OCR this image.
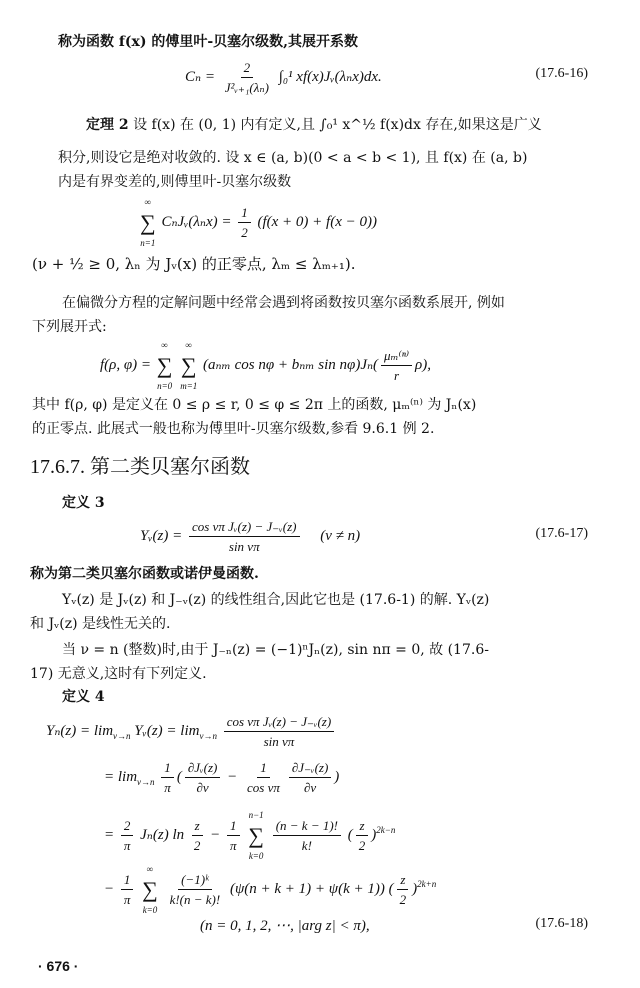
称为函数 f(x) 的傅里叶-贝塞尔级数,其展开系数
$C_n = \frac{2}{\text{J²ᵥ₊₁(λₙ)}} \int_0^1$ xf(x)Jᵥ(λₙx)dx.	(17.6-16)
定理 2 设 f(x) 在 (0, 1) 内有定义,且 ∫₀¹ x^½ f(x)dx 存在,如果这是广义
积分,则设它是绝对收敛的. 设 x ∈ (a, b)(0 < a < b < 1), 且 f(x) 在 (a, b)
内是有界变差的,则傅里叶-贝塞尔级数
∞
∑
n=1
CₙJᵥ(λₙx) = $\frac{1}{2} (f(x + 0) + f(x - 0))$
(ν + ½ ≥ 0, λₙ 为 Jᵥ(x) 的正零点, λₘ ≤ λₘ₊₁).
在偏微分方程的定解问题中经常会遇到将函数按贝塞尔函数系展开, 例如
下列展开式:
f(ρ, φ) =
∞
∑
n=0

∞
∑
m=1
(aₙₘ cos nφ + bₙₘ $\sin n\varphi)J_n( \frac{\text{μₘ⁽ⁿ⁾}}{r} \rho)$,
其中 f(ρ, φ) 是定义在 0 ≤ ρ ≤ r, 0 ≤ φ ≤ 2π 上的函数, μₘ⁽ⁿ⁾ 为 Jₙ(x)
的正零点. 此展式一般也称为傅里叶-贝塞尔级数,参看 9.6.1 例 2.
17.6.7. 第二类贝塞尔函数
定义 3
Yᵥ(z) = $\frac{\text{cos νπ Jᵥ(z) − J₋ᵥ(z)}}{\text{sin νπ}} (\nu \ne n)$	(17.6-17)
称为第二类贝塞尔函数或诺伊曼函数.
Yᵥ(z) 是 Jᵥ(z) 和 J₋ᵥ(z) 的线性组合,因此它也是 (17.6-1) 的解. Yᵥ(z)
和 Jᵥ(z) 是线性无关的.
当 ν = n (整数)时,由于 J₋ₙ(z) = (−1)ⁿJₙ(z), sin nπ = 0, 故 (17.6-
17) 无意义,这时有下列定义.
定义 4
$Y_n(z) = \lim_{\nu\to n}$ Yᵥ(z) = $\lim_{\nu\to n} \frac{\text{cos νπ Jᵥ(z) − J₋ᵥ(z)}}{\text{sin νπ}}$
= $\lim_{\nu\to n} \frac{1}{\pi}$ ( $\frac{\text{∂Jᵥ(z)}}{\partial\nu} - \frac{1}{\text{cos νπ}} \frac{\text{∂J₋ᵥ(z)}}{\partial\nu}$ )
= $\frac{2}{\pi} J_n(z)$ $\ln \frac{z}{2} - \frac{1}{\pi}$

n−1
∑
k=0

$\frac{(n - k - 1)!}{k!}$ ( $\frac{z}{2} )^{2k-n}$
− $\frac{1}{\pi}$

∞
∑
k=0

$\frac{\text{(−1)ᵏ}}{k!(n - k)!} (\psi(n + k + 1) + \psi(k + 1))$ ( $\frac{z}{2} )^{2k+n}$
(n = 0, 1, 2, ⋯, |arg z| < π),	(17.6-18)
· 676 ·
